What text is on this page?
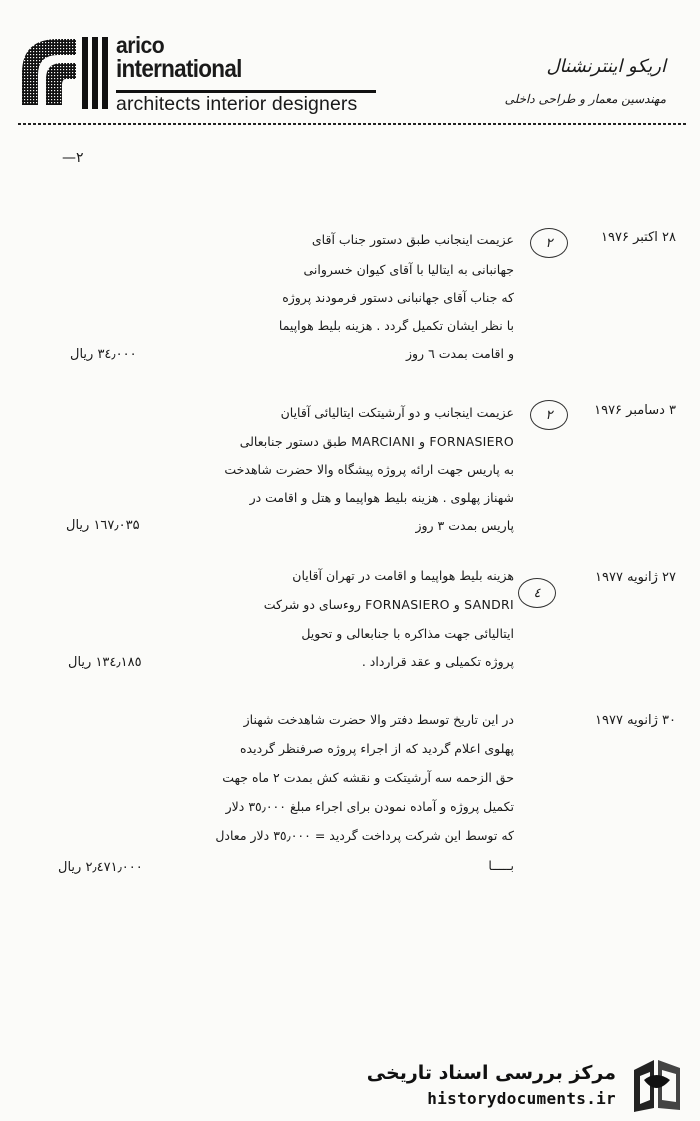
arico
international
architects interior designers
اریکو اینترنشنال
مهندسین معمار و طراحی داخلی
۲—
۲۸ اکتبر ۱۹۷۶
۲
عزیمت اینجانب طبق دستور جناب آقای
جهانبانی به ایتالیا با آقای کیوان خسروانی
که جناب آقای جهانبانی دستور فرمودند پروژه
با نظر ایشان تکمیل گردد . هزینه بلیط هواپیما
و اقامت بمدت ٦ روز
۳٤٫۰۰۰ ریال
۳ دسامبر ۱۹۷۶
۲
عزیمت اینجانب و دو آرشیتکت ایتالیائی آقایان
FORNASIERO و MARCIANI طبق دستور جنابعالی
به پاریس جهت ارائه پروژه پیشگاه والا حضرت شاهدخت
شهناز پهلوی . هزینه بلیط هواپیما و هتل و اقامت در
پاریس بمدت ۳ روز
۱٦۷٫۰۳۵ ریال
۲۷ ژانویه ۱۹۷۷
٤
هزینه بلیط هواپیما و اقامت در تهران آقایان
SANDRI و FORNASIERO روءسای دو شرکت
ایتالیائی جهت مذاکره با جنابعالی و تحویل
پروژه تکمیلی و عقد قرارداد .
۱۳٤٫۱۸٥ ریال
۳۰ ژانویه ۱۹۷۷
در این تاریخ توسط دفتر والا حضرت شاهدخت شهناز
پهلوی اعلام گردید که از اجراء پروژه صرفنظر گردیده
حق الزحمه سه آرشیتکت و نقشه کش بمدت ۲ ماه جهت
تکمیل پروژه و آماده نمودن برای اجراء مبلغ ۳٥٫۰۰۰ دلار
که توسط این شرکت پرداخت گردید = ۳٥٫۰۰۰ دلار معادل
بـــــا
۲٫٤۷۱٫۰۰۰ ریال
مرکز بررسی اسناد تاریخی
historydocuments.ir
